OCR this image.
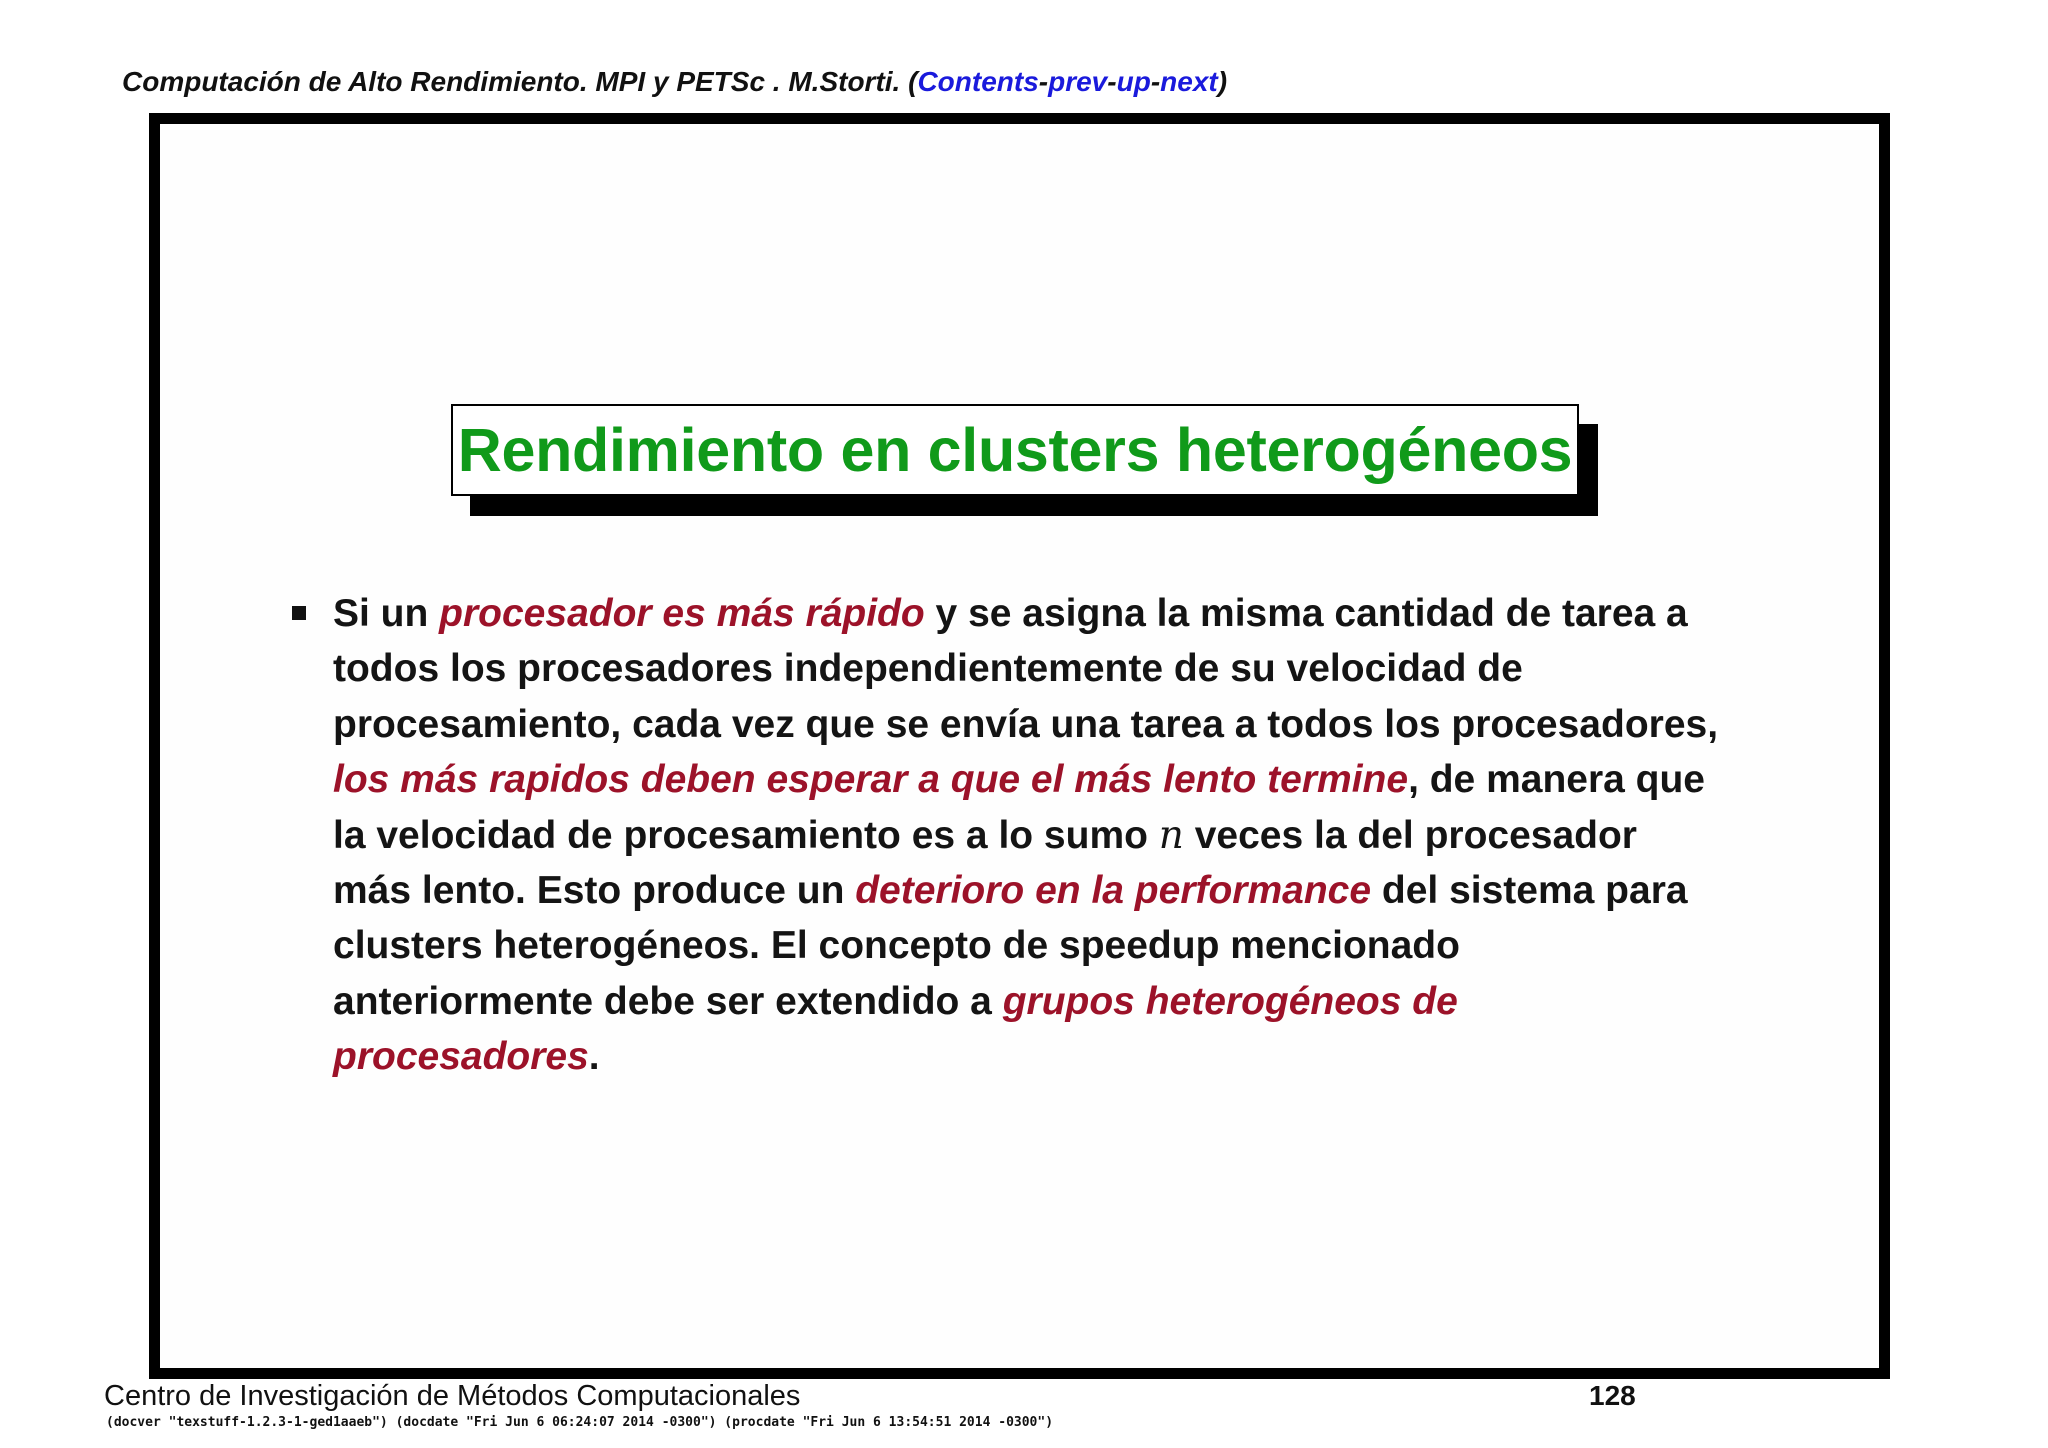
Computación de Alto Rendimiento. MPI y PETSc . M.Storti. (Contents-prev-up-next)
Rendimiento en clusters heterogéneos
Si un procesador es más rápido y se asigna la misma cantidad de tarea a
todos los procesadores independientemente de su velocidad de
procesamiento, cada vez que se envía una tarea a todos los procesadores,
los más rapidos deben esperar a que el más lento termine, de manera que
la velocidad de procesamiento es a lo sumo n veces la del procesador
más lento. Esto produce un deterioro en la performance del sistema para
clusters heterogéneos. El concepto de speedup mencionado
anteriormente debe ser extendido a grupos heterogéneos de
procesadores.
Centro de Investigación de Métodos Computacionales	128
(docver "texstuff-1.2.3-1-ged1aaeb") (docdate "Fri Jun 6 06:24:07 2014 -0300") (procdate "Fri Jun 6 13:54:51 2014 -0300")
